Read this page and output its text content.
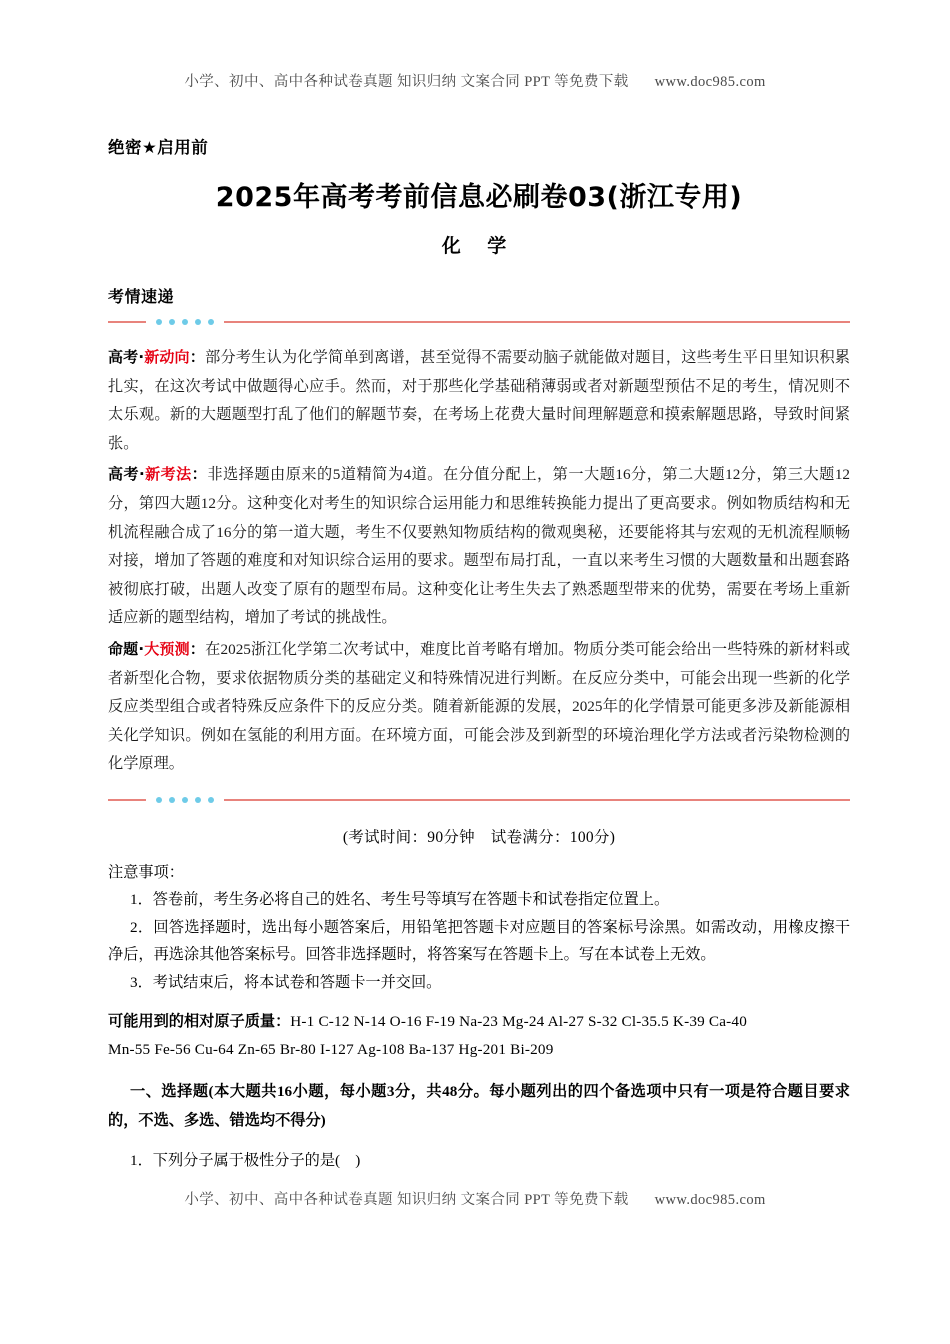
小学、初中、高中各种试卷真题 知识归纳 文案合同 PPT 等免费下载 www.doc985.com
绝密★启用前
2025年高考考前信息必刷卷03(浙江专用)
化 学
考情速递

高考·新动向：部分考生认为化学简单到离谱，甚至觉得不需要动脑子就能做对题目，这些考生平日里知识积累扎实，在这次考试中做题得心应手。然而，对于那些化学基础稍薄弱或者对新题型预估不足的考生，情况则不太乐观。新的大题题型打乱了他们的解题节奏，在考场上花费大量时间理解题意和摸索解题思路，导致时间紧张。

高考·新考法：非选择题由原来的5道精简为4道。在分值分配上，第一大题16分，第二大题12分，第三大题12分，第四大题12分。这种变化对考生的知识综合运用能力和思维转换能力提出了更高要求。例如物质结构和无机流程融合成了16分的第一道大题，考生不仅要熟知物质结构的微观奥秘，还要能将其与宏观的无机流程顺畅对接，增加了答题的难度和对知识综合运用的要求。题型布局打乱，一直以来考生习惯的大题数量和出题套路被彻底打破，出题人改变了原有的题型布局。这种变化让考生失去了熟悉题型带来的优势，需要在考场上重新适应新的题型结构，增加了考试的挑战性。

命题·大预测：在2025浙江化学第二次考试中，难度比首考略有增加。物质分类可能会给出一些特殊的新材料或者新型化合物，要求依据物质分类的基础定义和特殊情况进行判断。在反应分类中，可能会出现一些新的化学反应类型组合或者特殊反应条件下的反应分类。随着新能源的发展，2025年的化学情景可能更多涉及新能源相关化学知识。例如在氢能的利用方面。在环境方面，可能会涉及到新型的环境治理化学方法或者污染物检测的化学原理。

(考试时间：90分钟　试卷满分：100分)

注意事项：

1．答卷前，考生务必将自己的姓名、考生号等填写在答题卡和试卷指定位置上。

2．回答选择题时，选出每小题答案后，用铅笔把答题卡对应题目的答案标号涂黑。如需改动，用橡皮擦干净后，再选涂其他答案标号。回答非选择题时，将答案写在答题卡上。写在本试卷上无效。

3．考试结束后，将本试卷和答题卡一并交回。

可能用到的相对原子质量：H-1 C-12 N-14 O-16 F-19 Na-23 Mg-24 Al-27 S-32 Cl-35.5 K-39 Ca-40

Mn-55 Fe-56 Cu-64 Zn-65 Br-80 I-127 Ag-108 Ba-137 Hg-201 Bi-209

一、选择题(本大题共16小题，每小题3分，共48分。每小题列出的四个备选项中只有一项是符合题目要求的，不选、多选、错选均不得分)

1．下列分子属于极性分子的是(　)

小学、初中、高中各种试卷真题 知识归纳 文案合同 PPT 等免费下载 www.doc985.com
